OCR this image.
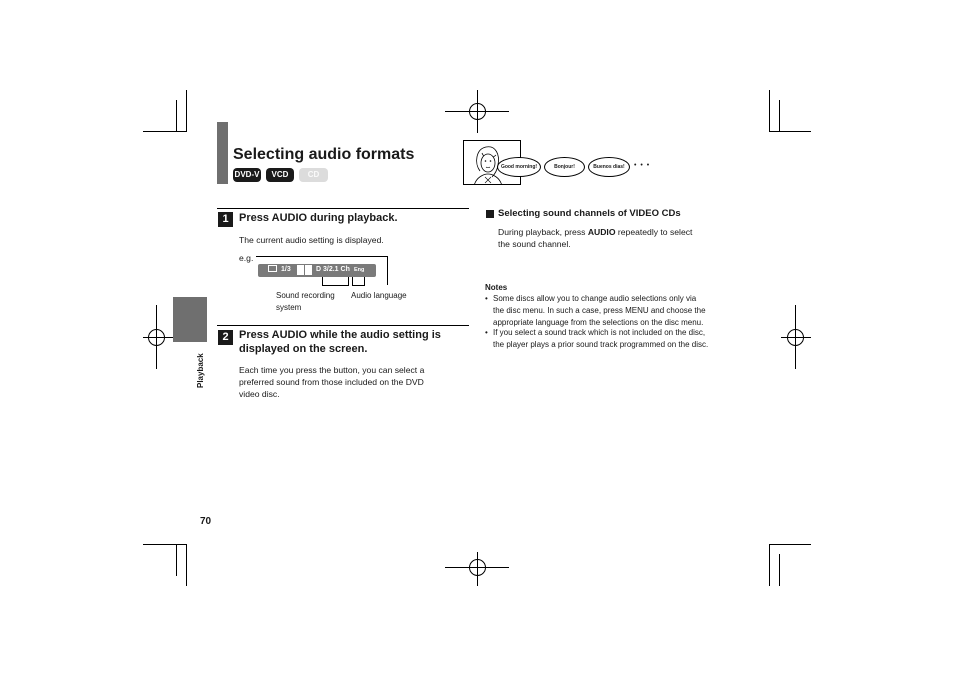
Selecting audio formats
DVD-V	VCD	CD
Playback
Good morning!	Bonjour!	Buenos dias!	• • •
1 Press AUDIO during playback.
The current audio setting is displayed.
e.g.
1/3	D 3/2.1 Ch Eng
Sound recording
system
Audio language
2 Press AUDIO while the audio setting is
displayed on the screen.
Each time you press the button, you can select a
preferred sound from those included on the DVD
video disc.
Selecting sound channels of VIDEO CDs
During playback, press AUDIO repeatedly to select
the sound channel.
Notes
• Some discs allow you to change audio selections only via
the disc menu. In such a case, press MENU and choose the
appropriate language from the selections on the disc menu.
• If you select a sound track which is not included on the disc,
the player plays a prior sound track programmed on the disc.
70
